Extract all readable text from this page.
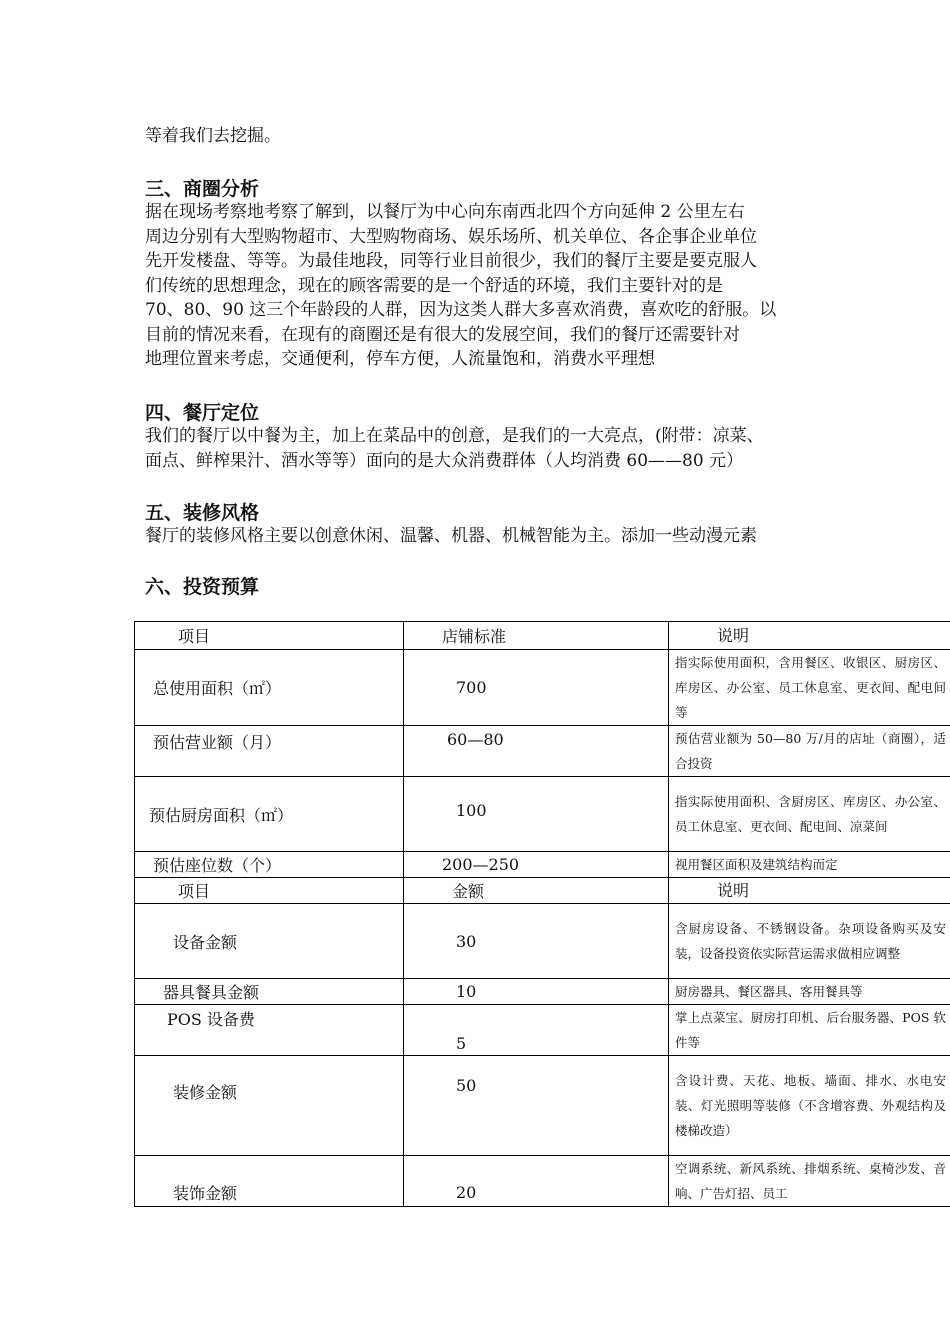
等着我们去挖掘。

三、商圈分析

据在现场考察地考察了解到，以餐厅为中心向东南西北四个方向延伸 2 公里左右
周边分别有大型购物超市、大型购物商场、娱乐场所、机关单位、各企事企业单位
先开发楼盘、等等。为最佳地段，同等行业目前很少，我们的餐厅主要是要克服人
们传统的思想理念，现在的顾客需要的是一个舒适的环境，我们主要针对的是
70、80、90 这三个年龄段的人群，因为这类人群大多喜欢消费，喜欢吃的舒服。以
目前的情况来看，在现有的商圈还是有很大的发展空间，我们的餐厅还需要针对
地理位置来考虑，交通便利，停车方便，人流量饱和，消费水平理想

四、餐厅定位

我们的餐厅以中餐为主，加上在菜品中的创意，是我们的一大亮点，(附带：凉菜、
面点、鲜榨果汁、酒水等等）面向的是大众消费群体（人均消费 60——80 元）

五、装修风格

餐厅的装修风格主要以创意休闲、温馨、机器、机械智能为主。添加一些动漫元素

六、投资预算
项目	店铺标准	说明
总使用面积（㎡）	700	指实际使用面积，含用餐区、收银区、厨房区、库房区、办公室、员工休息室、更衣间、配电间等
预估营业额（月）	60—80	预估营业额为 50—80 万/月的店址（商圈），适合投资
预估厨房面积（㎡）	100	指实际使用面积、含厨房区、库房区、办公室、员工休息室、更衣间、配电间、凉菜间
预估座位数（个）	200—250	视用餐区面积及建筑结构而定
项目	金额	说明
设备金额	30	含厨房设备、不锈钢设备。杂项设备购买及安装，设备投资依实际营运需求做相应调整
器具餐具金额	10	厨房器具、餐区器具、客用餐具等
POS 设备费	5	掌上点菜宝、厨房打印机、后台服务器、POS 软件等
装修金额	50	含设计费、天花、地板、墙面、排水、水电安装、灯光照明等装修（不含增容费、外观结构及楼梯改造）
装饰金额	20	空调系统、新风系统、排烟系统、桌椅沙发、音响、广告灯招、员工
